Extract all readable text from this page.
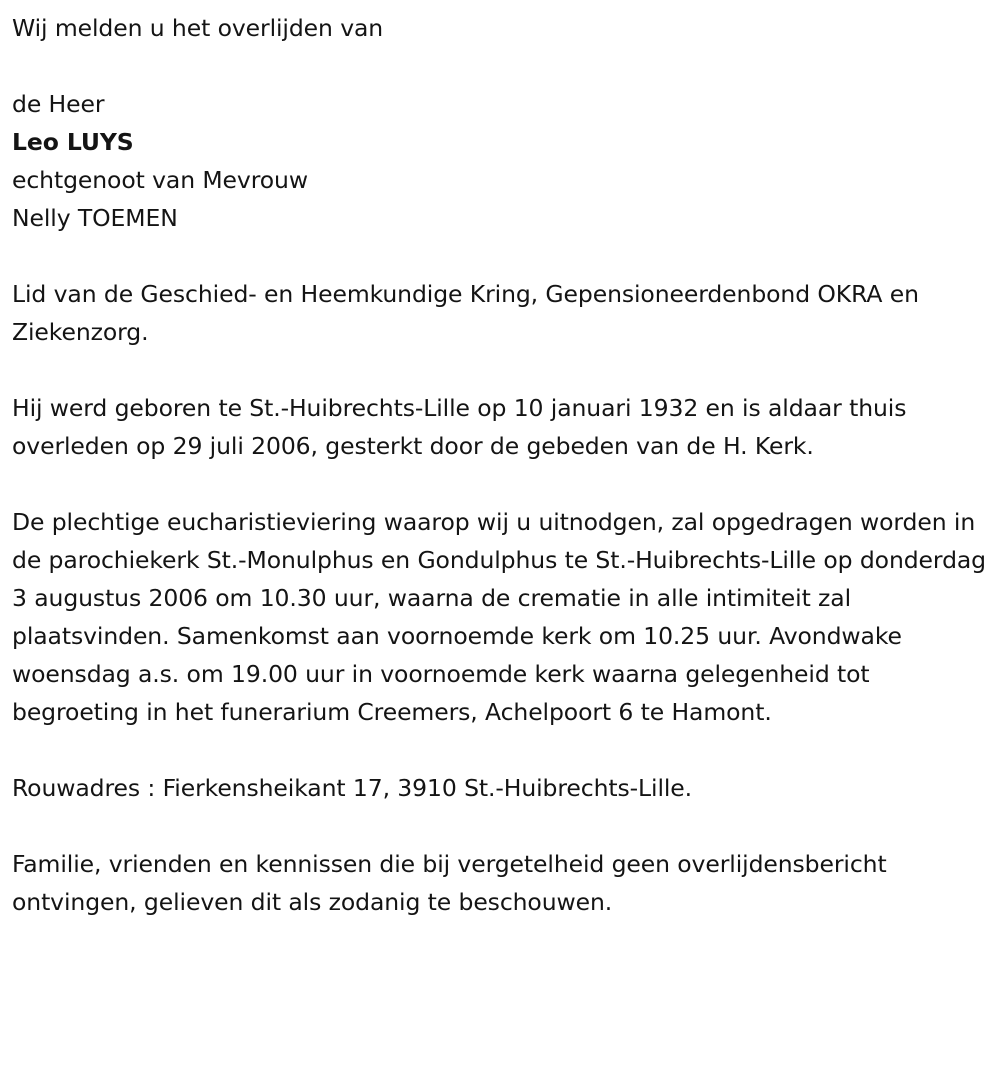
Wij melden u het overlijden van

de Heer
Leo LUYS
echtgenoot van Mevrouw
Nelly TOEMEN

Lid van de Geschied- en Heemkundige Kring, Gepensioneerdenbond OKRA en Ziekenzorg.

Hij werd geboren te St.-Huibrechts-Lille op 10 januari 1932 en is aldaar thuis overleden op 29 juli 2006, gesterkt door de gebeden van de H. Kerk.

De plechtige eucharistieviering waarop wij u uitnodgen, zal opgedragen worden in de parochiekerk St.-Monulphus en Gondulphus te St.-Huibrechts-Lille op donderdag 3 augustus 2006 om 10.30 uur, waarna de crematie in alle intimiteit zal plaatsvinden. Samenkomst aan voornoemde kerk om 10.25 uur. Avondwake woensdag a.s. om 19.00 uur in voornoemde kerk waarna gelegenheid tot begroeting in het funerarium Creemers, Achelpoort 6 te Hamont.

Rouwadres : Fierkensheikant 17, 3910 St.-Huibrechts-Lille.

Familie, vrienden en kennissen die bij vergetelheid geen overlijdensbericht ontvingen, gelieven dit als zodanig te beschouwen.
